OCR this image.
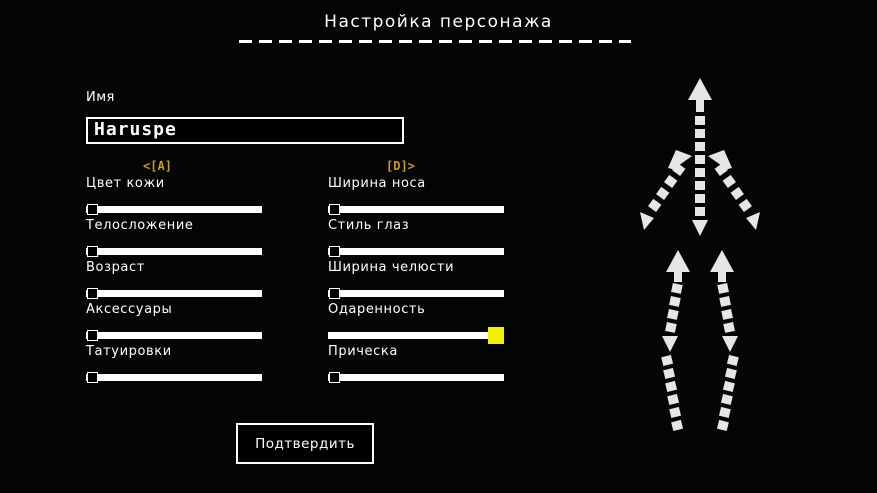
Настройка персонажа
Имя
Haruspe
<[A]	[D]>
Цвет кожи
Телосложение
Возраст
Аксессуары
Татуировки
Ширина носа
Стиль глаз
Ширина челюсти
Одаренность
Прическа
Подтвердить
